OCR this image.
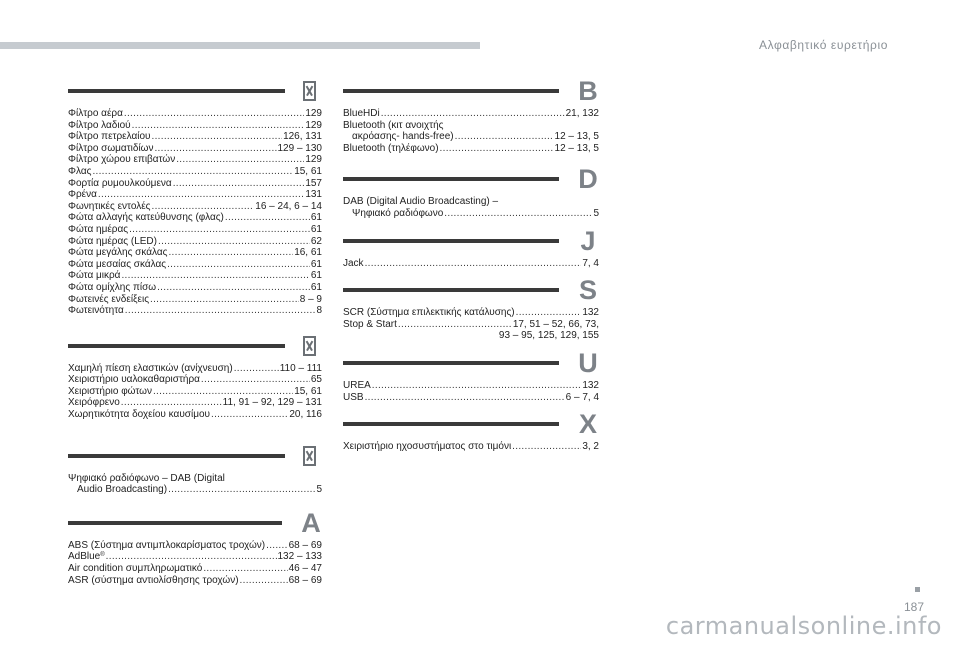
Αλφαβητικό ευρετήριο
Φίλτρο αέρα .....	129
Φίλτρο λαδιού .....	129
Φίλτρο πετρελαίου .....	126, 131
Φίλτρο σωματιδίων .....	129 – 130
Φίλτρο χώρου επιβατών .....	129
Φλας .....	15, 61
Φορτία ρυμουλκούμενα .....	157
Φρένα .....	131
Φωνητικές εντολές .....	16 – 24, 6 – 14
Φώτα αλλαγής κατεύθυνσης (φλας) .....	61
Φώτα ημέρας .....	61
Φώτα ημέρας (LED) .....	62
Φώτα μεγάλης σκάλας .....	16, 61
Φώτα μεσαίας σκάλας .....	61
Φώτα μικρά .....	61
Φώτα ομίχλης πίσω .....	61
Φωτεινές ενδείξεις .....	8 – 9
Φωτεινότητα .....	8
Χαμηλή πίεση ελαστικών (ανίχνευση) .....	110 – 111
Χειριστήριο υαλοκαθαριστήρα .....	65
Χειριστήριο φώτων .....	15, 61
Χειρόφρενο .....	11, 91 – 92, 129 – 131
Χωρητικότητα δοχείου καυσίμου .....	20, 116
Ψηφιακό ραδιόφωνο – DAB (Digital
Audio Broadcasting) .....	5
A
ABS (Σύστημα αντιμπλοκαρίσματος τροχών) ..... 68 – 69
AdBlue® .....	132 – 133
Air condition συμπληρωματικό .....	46 – 47
ASR (σύστημα αντιολίσθησης τροχών) .....	68 – 69
B
BlueHDi .....	21, 132
Bluetooth (κιτ ανοιχτής
ακρόασης- hands-free) .....	12 – 13, 5
Bluetooth (τηλέφωνο) .....	12 – 13, 5
D
DAB (Digital Audio Broadcasting) –
Ψηφιακό ραδιόφωνο .....	5
J
Jack .....	7, 4
S
SCR (Σύστημα επιλεκτικής κατάλυσης) .....	132
Stop & Start .....	17, 51 – 52, 66, 73,
93 – 95, 125, 129, 155
U
UREA .....	132
USB .....	6 – 7, 4
X
Χειριστήριο ηχοσυστήματος στο τιμόνι .....	3, 2
187
carmanualsonline.info
